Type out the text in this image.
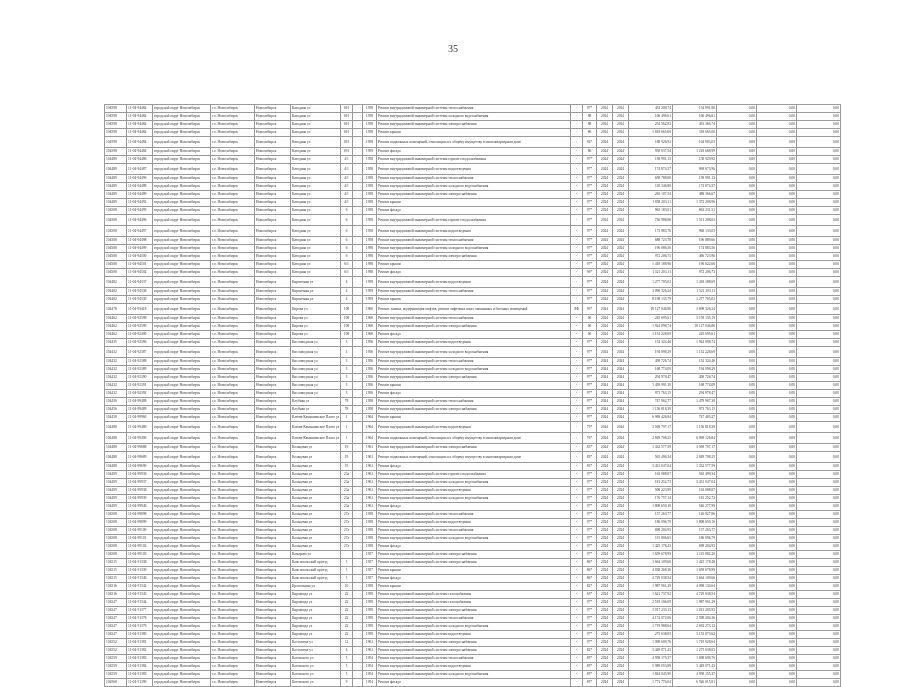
35
104598	11-04-94484	городской округ Новосибирск	г.о. Новосибирск	Новосибирск	Катодная ул	18/1		1958	Ремонт внутридомовой инженерной системы теплоснабжения	-	97*	2024	2024	453 208,74	154 991,80	0,00	0,00	0,00
104598	11-04-94484	городской округ Новосибирск	г.о. Новосибирск	Новосибирск	Катодная ул	18/1		1958	Ремонт внутридомовой инженерной системы холодного водоснабжения	-	88	2024	2024	166 496,61	166 496,61	0,00	0,00	0,00
104598	11-04-94484	городской округ Новосибирск	г.о. Новосибирск	Новосибирск	Катодная ул	18/1		1958	Ремонт внутридомовой инженерной системы электроснабжения	-	88	2024	2024	254 562,83	453 366,74	0,00	0,00	0,00
104598	11-04-94484	городской округ Новосибирск	г.о. Новосибирск	Новосибирск	Катодная ул	18/1		1958	Ремонт крыши	-	86	2024	2024	1 818 665,00	318 665,00	0,00	0,00	0,00
104598	11-04-94484	городской округ Новосибирск	г.о. Новосибирск	Новосибирск	Катодная ул	18/1		1958	Ремонт подвальных помещений, относящихся к общему имуществу в многоквартирном доме	-	92*	2024	2024	188 926,92	164 083,03	0,00	0,00	0,00
104598	11-04-94484	городской округ Новосибирск	г.о. Новосибирск	Новосибирск	Катодная ул	19/1		1959	Ремонт фасада	-	86	2024	2024	958 037,54	1 218 668,99	0,00	0,00	0,00
104489	11-04-94486	городской округ Новосибирск	г.о. Новосибирск	Новосибирск	Катодная ул	4/1		1958	Ремонт внутридомовой инженерной системы горячего водоснабжения	-	97*	2024	2024	158 991,13	158 929,92	0,00	0,00	0,00
104489	11-04-94487	городской округ Новосибирск	г.о. Новосибирск	Новосибирск	Катодная ул	4/1		1958	Ремонт внутридомовой инженерной системы водоотведения	-	97*	2024	2024	174 874,57	969 673,96	0,00	0,00	0,00
104489	11-04-94496	городской округ Новосибирск	г.о. Новосибирск	Новосибирск	Катодная ул	4/1		1958	Ремонт внутридомовой инженерной системы теплоснабжения	-	97*	2024	2024	658 788,00	158 991,13	0,00	0,00	0,00
104489	11-04-94488	городской округ Новосибирск	г.о. Новосибирск	Новосибирск	Катодная ул	4/1		1958	Ремонт внутридомовой инженерной системы холодного водоснабжения	-	97*	2024	2024	118 346,88	174 874,57	0,00	0,00	0,00
104489	11-04-94489	городской округ Новосибирск	г.о. Новосибирск	Новосибирск	Катодная ул	4/1		1958	Ремонт внутридомовой инженерной системы электроснабжения	-	97*	2024	2024	263 107,54	488 366,67	0,00	0,00	0,00
104489	11-04-94492	городской округ Новосибирск	г.о. Новосибирск	Новосибирск	Катодная ул	4/1		1958	Ремонт крыши	-	97*	2024	2024	1 858 203,11	1 372 208,96	0,00	0,00	0,00
104508	11-04-94495	городской округ Новосибирск	г.о. Новосибирск	Новосибирск	Катодная ул	6		1958	Ремонт фасада	-	97*	2024	2024	963 183,01	863 231,51	0,00	0,00	0,00
104508	11-04-94496	городской округ Новосибирск	г.о. Новосибирск	Новосибирск	Катодная ул	6		1958	Ремонт внутридомовой инженерной системы горячего водоснабжения	-	97*	2024	2024	736 988,06	1 513 208,03	0,00	0,00	0,00
104508	11-04-94497	городской округ Новосибирск	г.о. Новосибирск	Новосибирск	Катодная ул	6		1958	Ремонт внутридомовой инженерной системы водоотведения	-	97*	2024	2024	173 883,76	968 133,05	0,00	0,00	0,00
104508	11-04-94498	городской округ Новосибирск	г.о. Новосибирск	Новосибирск	Катодная ул	6		1958	Ремонт внутридомовой инженерной системы теплоснабжения	-	97*	2024	2024	688 723,78	196 889,66	0,00	0,00	0,00
104508	11-04-94499	городской округ Новосибирск	г.о. Новосибирск	Новосибирск	Катодная ул	6		1958	Ремонт внутридомовой инженерной системы холодного водоснабжения	-	97*	2024	2024	196 086,56	174 883,56	0,00	0,00	0,00
104508	11-04-94500	городской округ Новосибирск	г.о. Новосибирск	Новосибирск	Катодная ул	6		1958	Ремонт внутридомовой инженерной системы электроснабжения	-	97*	2024	2024	972 206,73	466 723,96	0,00	0,00	0,00
104508	11-04-94501	городской округ Новосибирск	г.о. Новосибирск	Новосибирск	Катодная ул	6/1		1958	Ремонт крыши	-	97*	2024	2024	1 418 188,96	196 622,66	0,00	0,00	0,00
104508	11-04-94502	городской округ Новосибирск	г.о. Новосибирск	Новосибирск	Катодная ул	6/1		1958	Ремонт фасада	-	96*	2024	2024	1 521 203,11	972 206,73	0,00	0,00	0,00
104482	11-04-94337	городской округ Новосибирск	г.о. Новосибирск	Новосибирск	Кирпичная ул	4		1959	Ремонт внутридомовой инженерной системы водоотведения	-	97*	2024	2024	1 277 705,02	1 418 188,69	0,00	0,00	0,00
104482	11-04-94338	городской округ Новосибирск	г.о. Новосибирск	Новосибирск	Кирпичная ул	4		1959	Ремонт внутридомовой инженерной системы теплоснабжения	-	97*	2024	2024	3 098 326,24	1 521 203,11	0,00	0,00	0,00
104482	11-04-94339	городской округ Новосибирск	г.о. Новосибирск	Новосибирск	Кирпичная ул	4		1959	Ремонт крыши	-	97*	2024	2024	8 198 135,79	1 277 705,02	0,00	0,00	0,00
104478	11-04-93418	городской округ Новосибирск	г.о. Новосибирск	Новосибирск	Кирова ул	108		1960	Ремонт, замена, модернизация лифтов, ремонт лифтовых шахт, машинных и блочных помещений	ЛФ	93*	2024	2024	18 127 046,86	3 698 326,24	0,00	0,00	0,00
104462	11-04-92398	городской округ Новосибирск	г.о. Новосибирск	Новосибирск	Кирова ул	108		1960	Ремонт внутридомовой инженерной системы теплоснабжения	-	60	2024	2024	245 695,61	3 159 135,19	0,00	0,00	0,00
104462	11-04-92399	городской округ Новосибирск	г.о. Новосибирск	Новосибирск	Кирова ул	108		1960	Ремонт внутридомовой инженерной системы электроснабжения	-	60	2024	2024	1 924 098,74	18 127 046,86	0,00	0,00	0,00
104462	11-04-92400	городской округ Новосибирск	г.о. Новосибирск	Новосибирск	Кирова ул	108		1960	Ремонт фасада	-	60	2024	2024	1 152 228,69	245 695,61	0,00	0,00	0,00
104435	11-04-92386	городской округ Новосибирск	г.о. Новосибирск	Новосибирск	Кисловодская ул	3		1956	Ремонт внутридомовой инженерной системы водоотведения	-	97*	2024	2024	152 324,46	1 924 098,74	0,00	0,00	0,00
104432	11-04-92387	городской округ Новосибирск	г.о. Новосибирск	Новосибирск	Кисловодская ул	3		1956	Ремонт внутридомовой инженерной системы холодного водоснабжения	-	97*	2024	2024	194 098,29	1 152 228,69	0,00	0,00	0,00
104432	11-04-92388	городской округ Новосибирск	г.о. Новосибирск	Новосибирск	Кисловодская ул	3		1956	Ремонт внутридомовой инженерной системы теплоснабжения	-	97*	2024	2024	458 726,74	152 324,46	0,00	0,00	0,00
104432	11-04-92389	городской округ Новосибирск	г.о. Новосибирск	Новосибирск	Кисловодская ул	3		1956	Ремонт внутридомовой инженерной системы холодного водоснабжения	-	97*	2024	2024	168 774,09	194 098,29	0,00	0,00	0,00
104432	11-04-92390	городской округ Новосибирск	г.о. Новосибирск	Новосибирск	Кисловодская ул	3		1956	Ремонт внутридомовой инженерной системы электроснабжения	-	97*	2024	2024	294 978,47	458 726,74	0,00	0,00	0,00
104432	11-04-92391	городской округ Новосибирск	г.о. Новосибирск	Новосибирск	Кисловодская ул	3		1956	Ремонт крыши	-	97*	2024	2024	1 459 991,39	168 774,09	0,00	0,00	0,00
104432	11-04-92392	городской округ Новосибирск	г.о. Новосибирск	Новосибирск	Кисловодская ул	3		1956	Ремонт фасада	-	97*	2024	2024	973 763,15	294 978,47	0,00	0,00	0,00
104456	11-04-99488	городской округ Новосибирск	г.о. Новосибирск	Новосибирск	Клубная ул	78		1958	Ремонт внутридомовой инженерной системы теплоснабжения	-	97*	2024	2024	747 962,77	1 478 987,38	0,00	0,00	0,00
104456	11-04-99489	городской округ Новосибирск	г.о. Новосибирск	Новосибирск	Клубная ул	78		1958	Ремонт внутридомовой инженерной системы электроснабжения	-	97*	2024	2024	1 156 818,39	973 763,15	0,00	0,00	0,00
104458	11-04-99960	городской округ Новосибирск	г.о. Новосибирск	Новосибирск	Клюев-Камышенское Плато ул	1		1964	Ремонт крыши	-	97*	2024	2024	6 969 426,84	747 483,27	0,00	0,00	0,00
104488	11-04-99489	городской округ Новосибирск	г.о. Новосибирск	Новосибирск	Клюев-Камышенское Плато ул	1		1964	Ремонт внутридомовой инженерной системы водоотведения	-	79*	2024	2024	3 569 797,17	1 156 818,39	0,00	0,00	0,00
104488	11-04-99490	городской округ Новосибирск	г.о. Новосибирск	Новосибирск	Клюев-Камышенское Плато ул	1		1964	Ремонт подвальных помещений, относящихся к общему имуществу в многоквартирном доме	-	76*	2024	2024	2 849 708,25	6 969 126,84	0,00	0,00	0,00
104488	11-04-99688	городской округ Новосибирск	г.о. Новосибирск	Новосибирск	Кольцевая ул	19		1961	Ремонт внутридомовой инженерной системы электроснабжения	-	83*	2024	2024	1 332 577,59	3 569 797,17	0,00	0,00	0,00
104488	11-04-99689	городской округ Новосибирск	г.о. Новосибирск	Новосибирск	Кольцевая ул	19		1961	Ремонт подвальных помещений, относящихся к общему имуществу в многоквартирном доме	-	83*	2024	2024	565 496,34	2 849 708,25	0,00	0,00	0,00
104488	11-04-99690	городской округ Новосибирск	г.о. Новосибирск	Новосибирск	Кольцевая ул	19		1961	Ремонт фасада	-	83*	2024	2024	3 431 047,04	1 332 577,59	0,00	0,00	0,00
104499	11-04-99936	городской округ Новосибирск	г.о. Новосибирск	Новосибирск	Кольцевая ул	23а		1961	Ремонт внутридомовой инженерной системы горячего водоснабжения	-	97*	2024	2024	163 088,07	565 499,34	0,00	0,00	0,00
104499	11-04-99937	городской округ Новосибирск	г.о. Новосибирск	Новосибирск	Кольцевая ул	23а		1961	Ремонт внутридомовой инженерной системы холодного водоснабжения	-	97*	2024	2024	181 252,73	3 431 047,04	0,00	0,00	0,00
104499	11-04-99938	городской округ Новосибирск	г.о. Новосибирск	Новосибирск	Кольцевая ул	23а		1961	Ремонт внутридомовой инженерной системы водоотведения	-	97*	2024	2024	508 223,99	163 088,07	0,00	0,00	0,00
104499	11-04-99939	городской округ Новосибирск	г.о. Новосибирск	Новосибирск	Кольцевая ул	23а		1961	Ремонт внутридомовой инженерной системы холодного водоснабжения	-	97*	2024	2024	176 757,14	181 252,73	0,00	0,00	0,00
104499	11-04-99940	городской округ Новосибирск	г.о. Новосибирск	Новосибирск	Кольцевая ул	23а		1961	Ремонт фасада	-	97*	2024	2024	1 808 650,10	546 277,99	0,00	0,00	0,00
104508	11-04-99098	городской округ Новосибирск	г.о. Новосибирск	Новосибирск	Кольцевая ул	27а		1958	Ремонт внутридомовой инженерной системы теплоснабжения	-	97*	2024	2024	157 263,77	126 927,86	0,00	0,00	0,00
104508	11-04-99099	городской округ Новосибирск	г.о. Новосибирск	Новосибирск	Кольцевая ул	27а		1958	Ремонт внутридомовой инженерной системы водоотведения	-	97*	2024	2024	186 096,79	1 808 650,10	0,00	0,00	0,00
104508	11-04-99100	городской округ Новосибирск	г.о. Новосибирск	Новосибирск	Кольцевая ул	27а		1958	Ремонт внутридомовой инженерной системы теплоснабжения	-	97*	2024	2024	698 204,93	157 263,77	0,00	0,00	0,00
104508	11-04-99101	городской округ Новосибирск	г.о. Новосибирск	Новосибирск	Кольцевая ул	27а		1958	Ремонт внутридомовой инженерной системы холодного водоснабжения	-	97*	2024	2024	115 806,65	186 096,79	0,00	0,00	0,00
104508	11-04-99102	городской округ Новосибирск	г.о. Новосибирск	Новосибирск	Кольцевая ул	27а		1958	Ремонт фасада	-	97*	2024	2024	1 425 178,43	698 204,93	0,00	0,00	0,00
104508	11-04-99103	городской округ Новосибирск	г.о. Новосибирск	Новосибирск	Комарова ул			1957	Ремонт внутридомовой инженерной системы электроснабжения	-	97*	2024	2024	1 659 678,99	1 115 882,20	0,00	0,00	0,00
104515	11-04-51338	городской округ Новосибирск	г.о. Новосибирск	Новосибирск	Комсомольский проезд	1		1957	Ремонт внутридомовой инженерной системы электроснабжения	-	86*	2024	2024	3 664 109,66	1 425 178,48	0,00	0,00	0,00
104515	11-04-51339	городской округ Новосибирск	г.о. Новосибирск	Новосибирск	Комсомольский проезд	1		1957	Ремонт крыши	-	86*	2024	2024	4 038 268,36	1 659 678,99	0,00	0,00	0,00
104515	11-04-51340	городской округ Новосибирск	г.о. Новосибирск	Новосибирск	Комсомольский проезд	1		1957	Ремонт фасада	-	86*	2024	2024	4 729 038,54	3 664 109,66	0,00	0,00	0,00
104516	11-04-51342	городской округ Новосибирск	г.о. Новосибирск	Новосибирск	Кропоткина ул	10		1958	Ремонт крыши	-	82*	2024	2024	1 987 961,29	4 098 134,64	0,00	0,00	0,00
104516	11-04-51343	городской округ Новосибирск	г.о. Новосибирск	Новосибирск	Кирзавода ул	22		1959	Ремонт внутридомовой инженерной системы газоснабжения	-	65*	2024	2024	1 621 737,92	4 729 038,54	0,00	0,00	0,00
104547	11-04-51344	городской округ Новосибирск	г.о. Новосибирск	Новосибирск	Кирзавода ул	22		1959	Ремонт внутридомовой инженерной системы газоснабжения	-	97*	2024	2024	2 519 106,09	1 987 961,29	0,00	0,00	0,00
104547	11-04-51377	городской округ Новосибирск	г.о. Новосибирск	Новосибирск	Кирзавода ул	22		1959	Ремонт внутридомовой инженерной системы электроснабжения	-	97*	2024	2024	3 017 233,13	1 013 205,93	0,00	0,00	0,00
104547	11-04-51378	городской округ Новосибирск	г.о. Новосибирск	Новосибирск	Кирзавода ул	22		1959	Ремонт внутридомовой инженерной системы теплоснабжения	-	97*	2024	2024	4 174 072,06	2 598 204,36	0,00	0,00	0,00
104547	11-04-51379	городской округ Новосибирск	г.о. Новосибирск	Новосибирск	Кирзавода ул	22		1959	Ремонт внутридомовой инженерной системы холодного водоснабжения	-	97*	2024	2024	1 719 988,64	2 692 273,12	0,00	0,00	0,00
104547	11-04-51380	городской округ Новосибирск	г.о. Новосибирск	Новосибирск	Кирзавода ул	22		1959	Ремонт внутридомовой инженерной системы водоотведения	-	97*	2024	2024	275 638,05	3 153 073,62	0,00	0,00	0,00
104552	11-04-51381	городской округ Новосибирск	г.о. Новосибирск	Новосибирск	Костычева ул	12		1961	Ремонт внутридомовой инженерной системы электроснабжения	-	97*	2024	2024	1 098 609,76	1 719 928,64	0,00	0,00	0,00
104552	11-04-51382	городской округ Новосибирск	г.о. Новосибирск	Новосибирск	Костычева ул	4		1961	Ремонт внутридомовой инженерной системы электроснабжения	-	82*	2024	2024	3 449 071,43	1 275 638,05	0,00	0,00	0,00
104559	11-04-51383	городской округ Новосибирск	г.о. Новосибирск	Новосибирск	Котовского ул	5		1954	Ремонт внутридомовой инженерной системы теплоснабжения	-	85*	2024	2024	4 958 175,37	1 698 609,76	0,00	0,00	0,00
104559	11-04-51384	городской округ Новосибирск	г.о. Новосибирск	Новосибирск	Котовского ул	5		1954	Ремонт внутридомовой инженерной системы водоотведения	-	85*	2024	2024	5 989 053,89	3 449 071,43	0,00	0,00	0,00
104559	11-04-51385	городской округ Новосибирск	г.о. Новосибирск	Новосибирск	Котовского ул	5		1954	Ремонт внутридомовой инженерной системы холодного водоснабжения	-	85*	2024	2024	1 844 045,90	4 958 155,37	0,00	0,00	0,00
104568	11-04-51390	городской округ Новосибирск	г.о. Новосибирск	Новосибирск	Котовского ул	9		1954	Ремонт фасада	-	85*	2024	2024	1 771 776,04	6 926 015,81	0,00	0,00	0,00
